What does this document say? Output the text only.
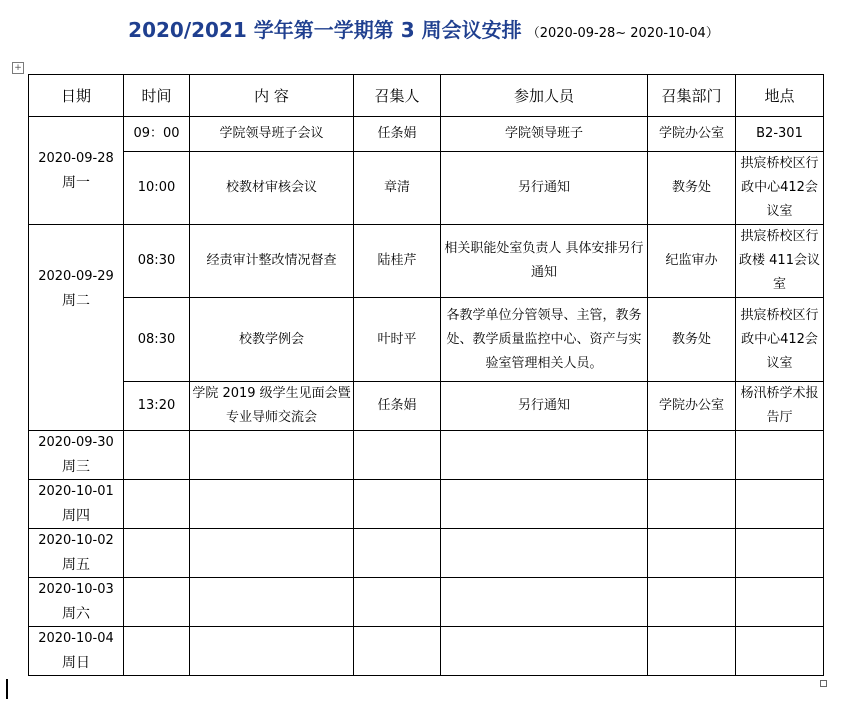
2020/2021 学年第一学期第 3 周会议安排 （2020-09-28~ 2020-10-04）
+
日期	时间	内 容	召集人	参加人员	召集部门	地点

2020-09-28
周一	09：00	学院领导班子会议	任条娟	学院领导班子	学院办公室	B2-301
	10:00	校教材审核会议	章清	另行通知	教务处	拱宸桥校区行政中心412会议室

2020-09-29
周二	08:30	经责审计整改情况督查	陆桂芹	相关职能处室负责人 具体安排另行通知	纪监审办	拱宸桥校区行政楼 411会议室
	08:30	校教学例会	叶时平	各教学单位分管领导、主管，教务处、教学质量监控中心、资产与实验室管理相关人员。	教务处	拱宸桥校区行政中心412会议室
	13:20	学院 2019 级学生见面会暨专业导师交流会	任条娟	另行通知	学院办公室	杨汛桥学术报告厅

2020-09-30
周三						

2020-10-01
周四						

2020-10-02
周五						

2020-10-03
周六						

2020-10-04
周日						
